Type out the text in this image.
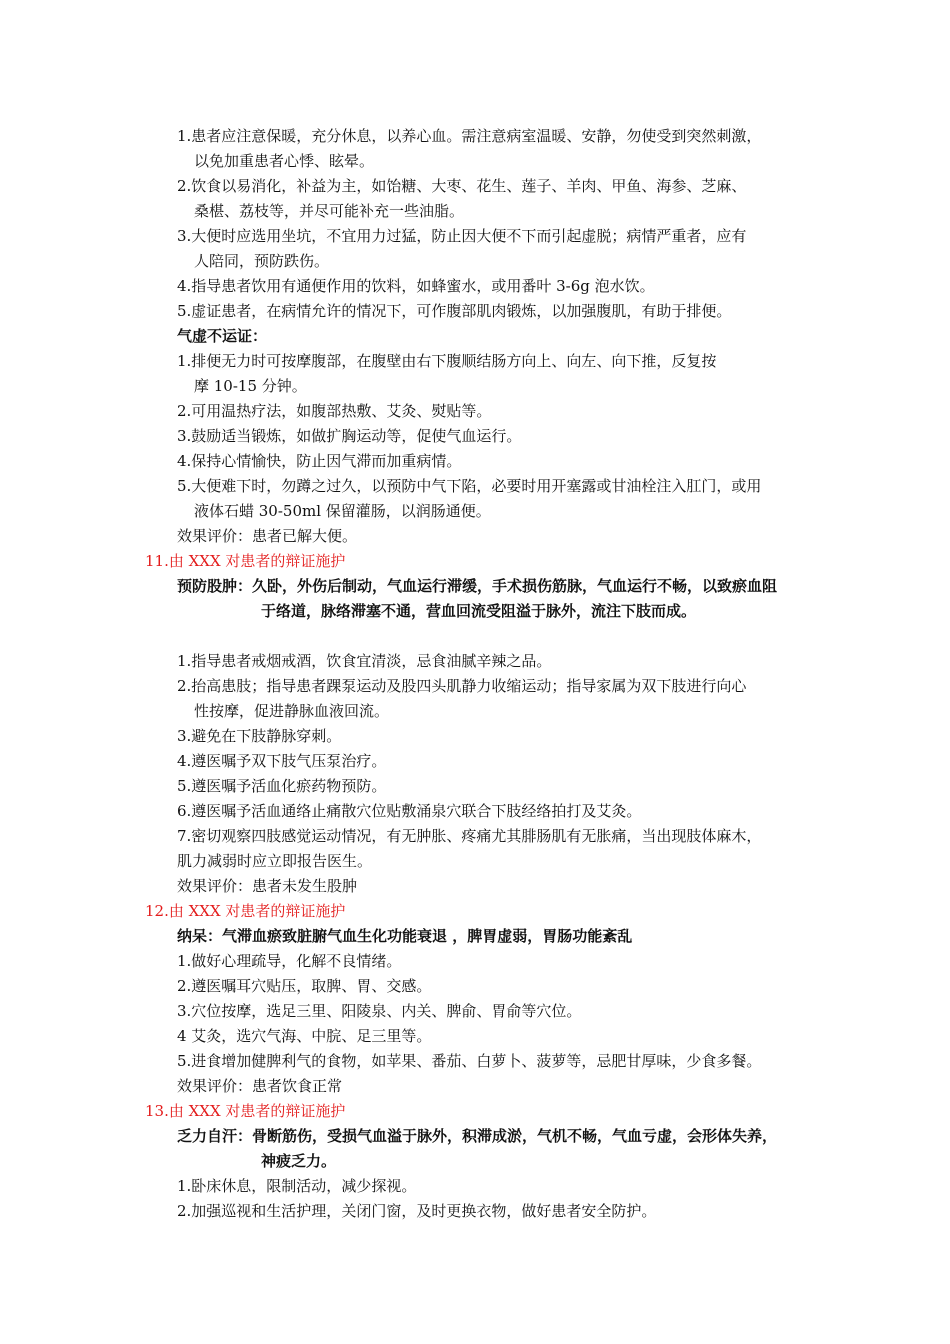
1.患者应注意保暖，充分休息，以养心血。需注意病室温暖、安静，勿使受到突然刺激，
以免加重患者心悸、眩晕。
2.饮食以易消化，补益为主，如饴糖、大枣、花生、莲子、羊肉、甲鱼、海参、芝麻、
桑椹、荔枝等，并尽可能补充一些油脂。
3.大便时应选用坐坑，不宜用力过猛，防止因大便不下而引起虚脱；病情严重者，应有
人陪同，预防跌伤。
4.指导患者饮用有通便作用的饮料，如蜂蜜水，或用番叶 3-6g 泡水饮。
5.虚证患者，在病情允许的情况下，可作腹部肌肉锻炼，以加强腹肌，有助于排便。
气虚不运证：
1.排便无力时可按摩腹部，在腹壁由右下腹顺结肠方向上、向左、向下推，反复按
摩 10-15 分钟。
2.可用温热疗法，如腹部热敷、艾灸、熨贴等。
3.鼓励适当锻炼，如做扩胸运动等，促使气血运行。
4.保持心情愉快，防止因气滞而加重病情。
5.大便难下时，勿蹲之过久，以预防中气下陷，必要时用开塞露或甘油栓注入肛门，或用
液体石蜡 30-50ml 保留灌肠，以润肠通便。
效果评价：患者已解大便。
11.由 XXX 对患者的辩证施护
预防股肿：久卧，外伤后制动，气血运行滞缓，手术损伤筋脉，气血运行不畅，以致瘀血阻
于络道，脉络滞塞不通，营血回流受阻溢于脉外，流注下肢而成。
1.指导患者戒烟戒酒，饮食宜清淡，忌食油腻辛辣之品。
2.抬高患肢；指导患者踝泵运动及股四头肌静力收缩运动；指导家属为双下肢进行向心
性按摩，促进静脉血液回流。
3.避免在下肢静脉穿刺。
4.遵医嘱予双下肢气压泵治疗。
5.遵医嘱予活血化瘀药物预防。
6.遵医嘱予活血通络止痛散穴位贴敷涌泉穴联合下肢经络拍打及艾灸。
7.密切观察四肢感觉运动情况，有无肿胀、疼痛尤其腓肠肌有无胀痛，当出现肢体麻木，
肌力减弱时应立即报告医生。
效果评价：患者未发生股肿
12.由 XXX 对患者的辩证施护
纳呆：气滞血瘀致脏腑气血生化功能衰退 ，脾胃虚弱，胃肠功能紊乱
1.做好心理疏导，化解不良情绪。
2.遵医嘱耳穴贴压，取脾、胃、交感。
3.穴位按摩，选足三里、阳陵泉、内关、脾俞、胃俞等穴位。
4 艾灸，选穴气海、中脘、足三里等。
5.进食增加健脾利气的食物，如苹果、番茄、白萝卜、菠萝等，忌肥甘厚味，少食多餐。
效果评价：患者饮食正常
13.由 XXX 对患者的辩证施护
乏力自汗：骨断筋伤，受损气血溢于脉外，积滞成淤，气机不畅，气血亏虚，会形体失养，
神疲乏力。
1.卧床休息，限制活动，减少探视。
2.加强巡视和生活护理，关闭门窗，及时更换衣物，做好患者安全防护。
